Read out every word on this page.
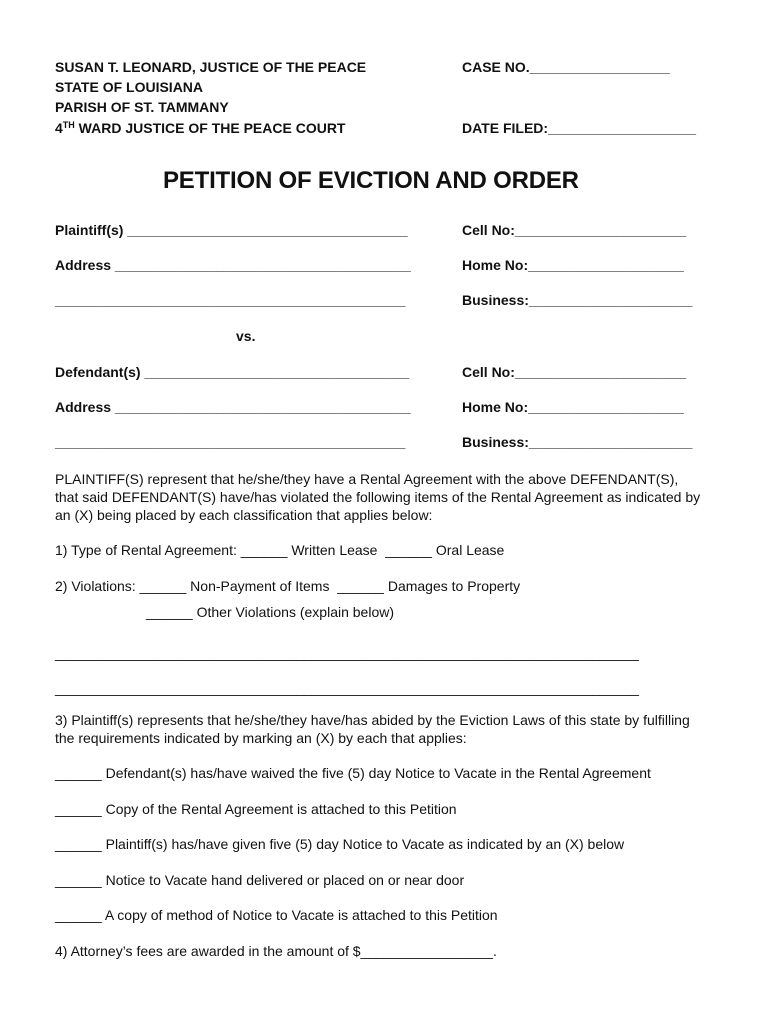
SUSAN T. LEONARD, JUSTICE OF THE PEACE
STATE OF LOUISIANA
PARISH OF ST. TAMMANY
4TH WARD JUSTICE OF THE PEACE COURT
CASE NO.__________________
DATE FILED:___________________
PETITION OF EVICTION AND ORDER
Plaintiff(s) ____________________________________	Cell No:______________________
Address ______________________________________	Home No:____________________
_____________________________________________	Business:_____________________
vs.
Defendant(s) __________________________________	Cell No:______________________
Address ______________________________________	Home No:____________________
_____________________________________________	Business:_____________________
PLAINTIFF(S) represent that he/she/they have a Rental Agreement with the above DEFENDANT(S), that said DEFENDANT(S) have/has violated the following items of the Rental Agreement as indicated by an (X) being placed by each classification that applies below:
1) Type of Rental Agreement: ______ Written Lease  ______ Oral Lease
2) Violations: ______ Non-Payment of Items  ______ Damages to Property
______ Other Violations (explain below)
___________________________________________________________________________
___________________________________________________________________________
3) Plaintiff(s) represents that he/she/they have/has abided by the Eviction Laws of this state by fulfilling the requirements indicated by marking an (X) by each that applies:
______ Defendant(s) has/have waived the five (5) day Notice to Vacate in the Rental Agreement
______ Copy of the Rental Agreement is attached to this Petition
______ Plaintiff(s) has/have given five (5) day Notice to Vacate as indicated by an (X) below
______ Notice to Vacate hand delivered or placed on or near door
______ A copy of method of Notice to Vacate is attached to this Petition
4) Attorney’s fees are awarded in the amount of $_________________.
